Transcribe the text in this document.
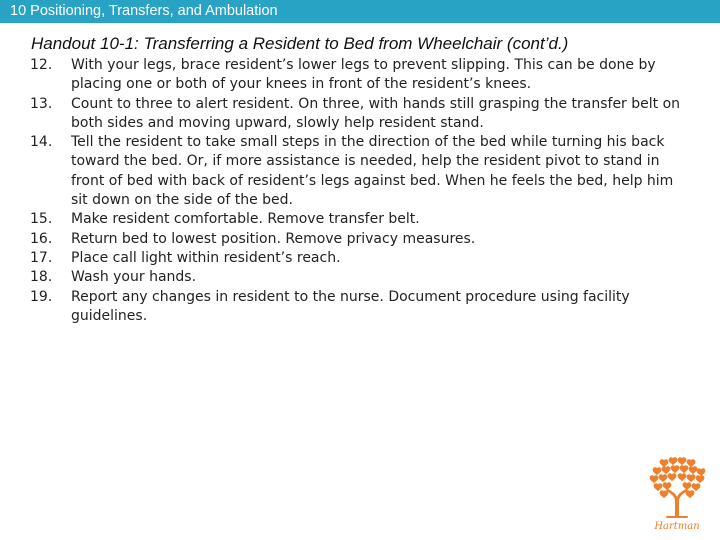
10 Positioning, Transfers, and Ambulation
Handout 10-1: Transferring a Resident to Bed from Wheelchair (cont’d.)
12.	With your legs, brace resident’s lower legs to prevent slipping. This can be done by placing one or both of your knees in front of the resident’s knees.
13.	Count to three to alert resident. On three, with hands still grasping the transfer belt on both sides and moving upward, slowly help resident stand.
14.	Tell the resident to take small steps in the direction of the bed while turning his back toward the bed. Or, if more assistance is needed, help the resident pivot to stand in front of bed with back of resident’s legs against bed. When he feels the bed, help him sit down on the side of the bed.
15.	Make resident comfortable. Remove transfer belt.
16.	Return bed to lowest position. Remove privacy measures.
17.	Place call light within resident’s reach.
18.	Wash your hands.
19.	Report any changes in resident to the nurse. Document procedure using facility guidelines.
Hartman
